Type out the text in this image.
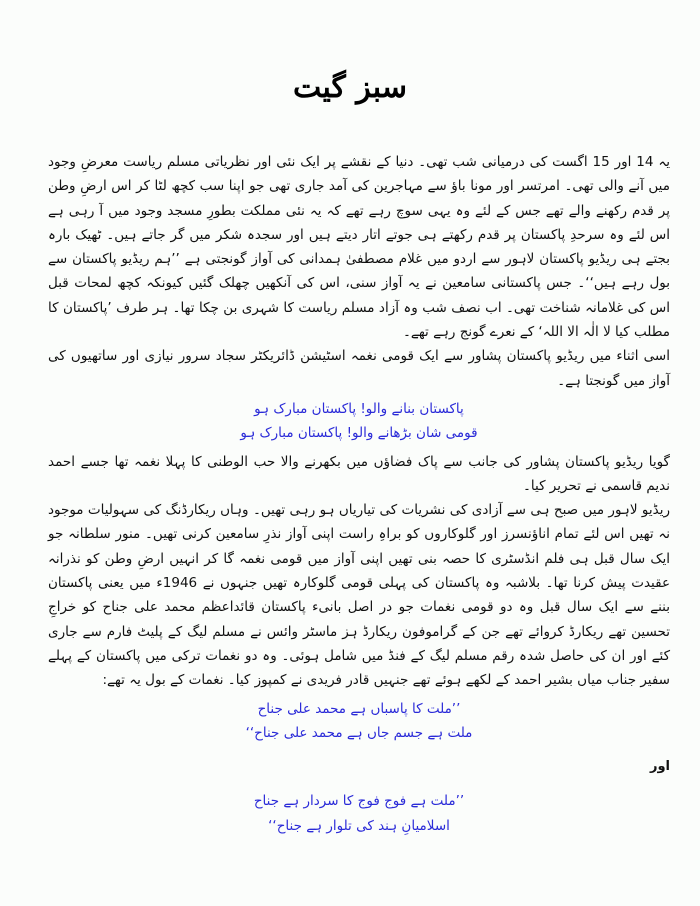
سبز گیت

یہ 14 اور 15 اگست کی درمیانی شب تھی۔ دنیا کے نقشے پر ایک نئی اور نظریاتی مسلم ریاست معرضِ وجود میں آنے والی تھی۔ امرتسر اور مونا باؤ سے مہاجرین کی آمد جاری تھی جو اپنا سب کچھ لٹا کر اس ارضِ وطن پر قدم رکھنے والے تھے جس کے لئے وہ یہی سوچ رہے تھے کہ یہ نئی مملکت بطورِ مسجد وجود میں آ رہی ہے اس لئے وہ سرحدِ پاکستان پر قدم رکھتے ہی جوتے اتار دیتے ہیں اور سجدہ شکر میں گر جاتے ہیں۔ ٹھیک بارہ بجتے ہی ریڈیو پاکستان لاہور سے اردو میں غلام مصطفیٰ ہمدانی کی آواز گونجتی ہے ’’ہم ریڈیو پاکستان سے بول رہے ہیں‘‘۔ جس پاکستانی سامعین نے یہ آواز سنی، اس کی آنکھیں چھلک گئیں کیونکہ کچھ لمحات قبل اس کی غلامانہ شناخت تھی۔ اب نصف شب وہ آزاد مسلم ریاست کا شہری بن چکا تھا۔ ہر طرف ’پاکستان کا مطلب کیا لا الٰہ الا اللہ‘ کے نعرے گونج رہے تھے۔

اسی اثناء میں ریڈیو پاکستان پشاور سے ایک قومی نغمہ اسٹیشن ڈائریکٹر سجاد سرور نیازی اور ساتھیوں کی آواز میں گونجتا ہے۔

پاکستان بنانے والو! پاکستان مبارک ہو

قومی شان بڑھانے والو! پاکستان مبارک ہو

گویا ریڈیو پاکستان پشاور کی جانب سے پاک فضاؤں میں بکھرنے والا حب الوطنی کا پہلا نغمہ تھا جسے احمد ندیم قاسمی نے تحریر کیا۔

ریڈیو لاہور میں صبح ہی سے آزادی کی نشریات کی تیاریاں ہو رہی تھیں۔ وہاں ریکارڈنگ کی سہولیات موجود نہ تھیں اس لئے تمام اناؤنسرز اور گلوکاروں کو براہِ راست اپنی آواز نذرِ سامعین کرنی تھیں۔ منور سلطانہ جو ایک سال قبل ہی فلم انڈسٹری کا حصہ بنی تھیں اپنی آواز میں قومی نغمہ گا کر انہیں ارضِ وطن کو نذرانہ عقیدت پیش کرنا تھا۔ بلاشبہ وہ پاکستان کی پہلی قومی گلوکارہ تھیں جنہوں نے 1946ء میں یعنی پاکستان بننے سے ایک سال قبل وہ دو قومی نغمات جو در اصل بانیء پاکستان قائداعظم محمد علی جناح کو خراجِ تحسین تھے ریکارڈ کروائے تھے جن کے گراموفون ریکارڈ ہز ماسٹر وائس نے مسلم لیگ کے پلیٹ فارم سے جاری کئے اور ان کی حاصل شدہ رقم مسلم لیگ کے فنڈ میں شامل ہوئی۔ وہ دو نغمات ترکی میں پاکستان کے پہلے سفیر جناب میاں بشیر احمد کے لکھے ہوئے تھے جنہیں قادر فریدی نے کمپوز کیا۔ نغمات کے بول یہ تھے:

’’ملت کا پاسباں ہے محمد علی جناح

ملت ہے جسم جاں ہے محمد علی جناح‘‘

اور

’’ملت ہے فوج فوج کا سردار ہے جناح

اسلامیانِ ہند کی تلوار ہے جناح‘‘
